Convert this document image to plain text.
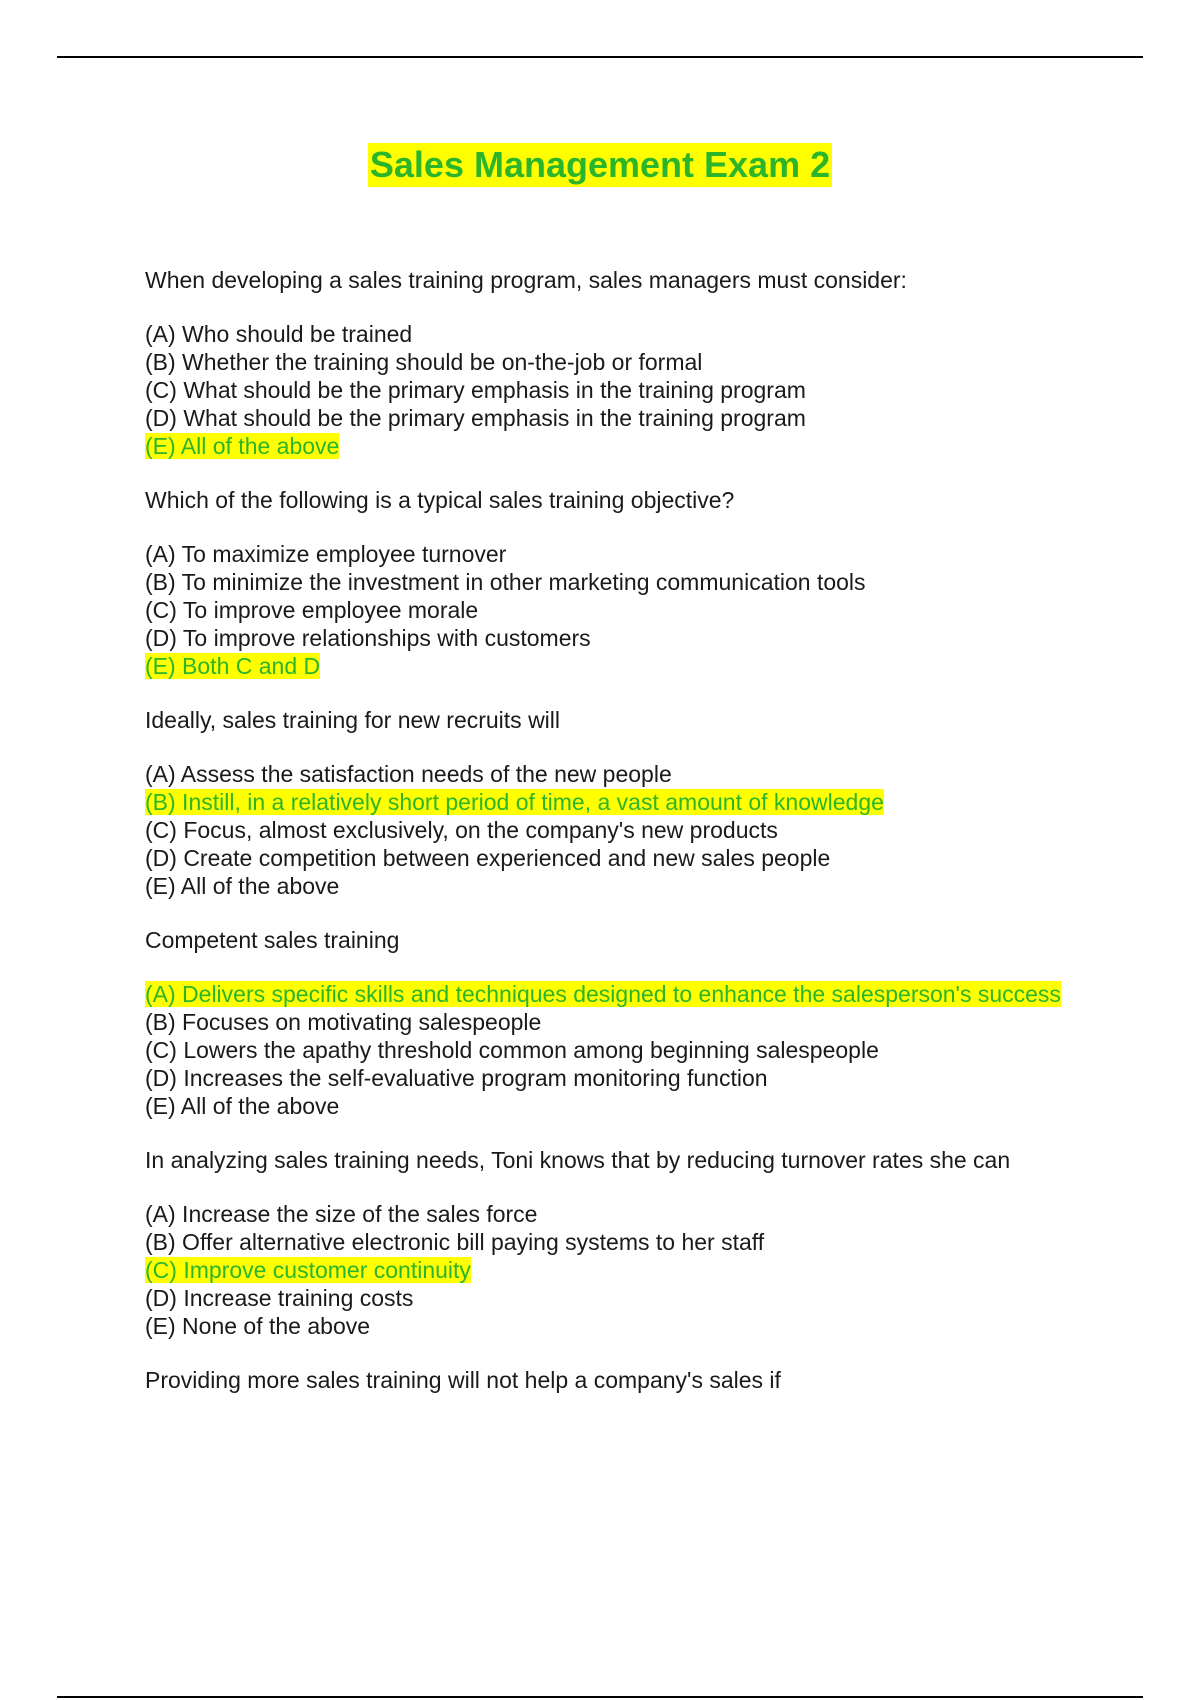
Sales Management Exam 2

When developing a sales training program, sales managers must consider:

(A) Who should be trained
(B) Whether the training should be on-the-job or formal
(C) What should be the primary emphasis in the training program
(D) What should be the primary emphasis in the training program
(E) All of the above

Which of the following is a typical sales training objective?

(A) To maximize employee turnover
(B) To minimize the investment in other marketing communication tools
(C) To improve employee morale
(D) To improve relationships with customers
(E) Both C and D

Ideally, sales training for new recruits will

(A) Assess the satisfaction needs of the new people
(B) Instill, in a relatively short period of time, a vast amount of knowledge
(C) Focus, almost exclusively, on the company's new products
(D) Create competition between experienced and new sales people
(E) All of the above

Competent sales training

(A) Delivers specific skills and techniques designed to enhance the salesperson's success
(B) Focuses on motivating salespeople
(C) Lowers the apathy threshold common among beginning salespeople
(D) Increases the self-evaluative program monitoring function
(E) All of the above

In analyzing sales training needs, Toni knows that by reducing turnover rates she can

(A) Increase the size of the sales force
(B) Offer alternative electronic bill paying systems to her staff
(C) Improve customer continuity
(D) Increase training costs
(E) None of the above

Providing more sales training will not help a company's sales if
